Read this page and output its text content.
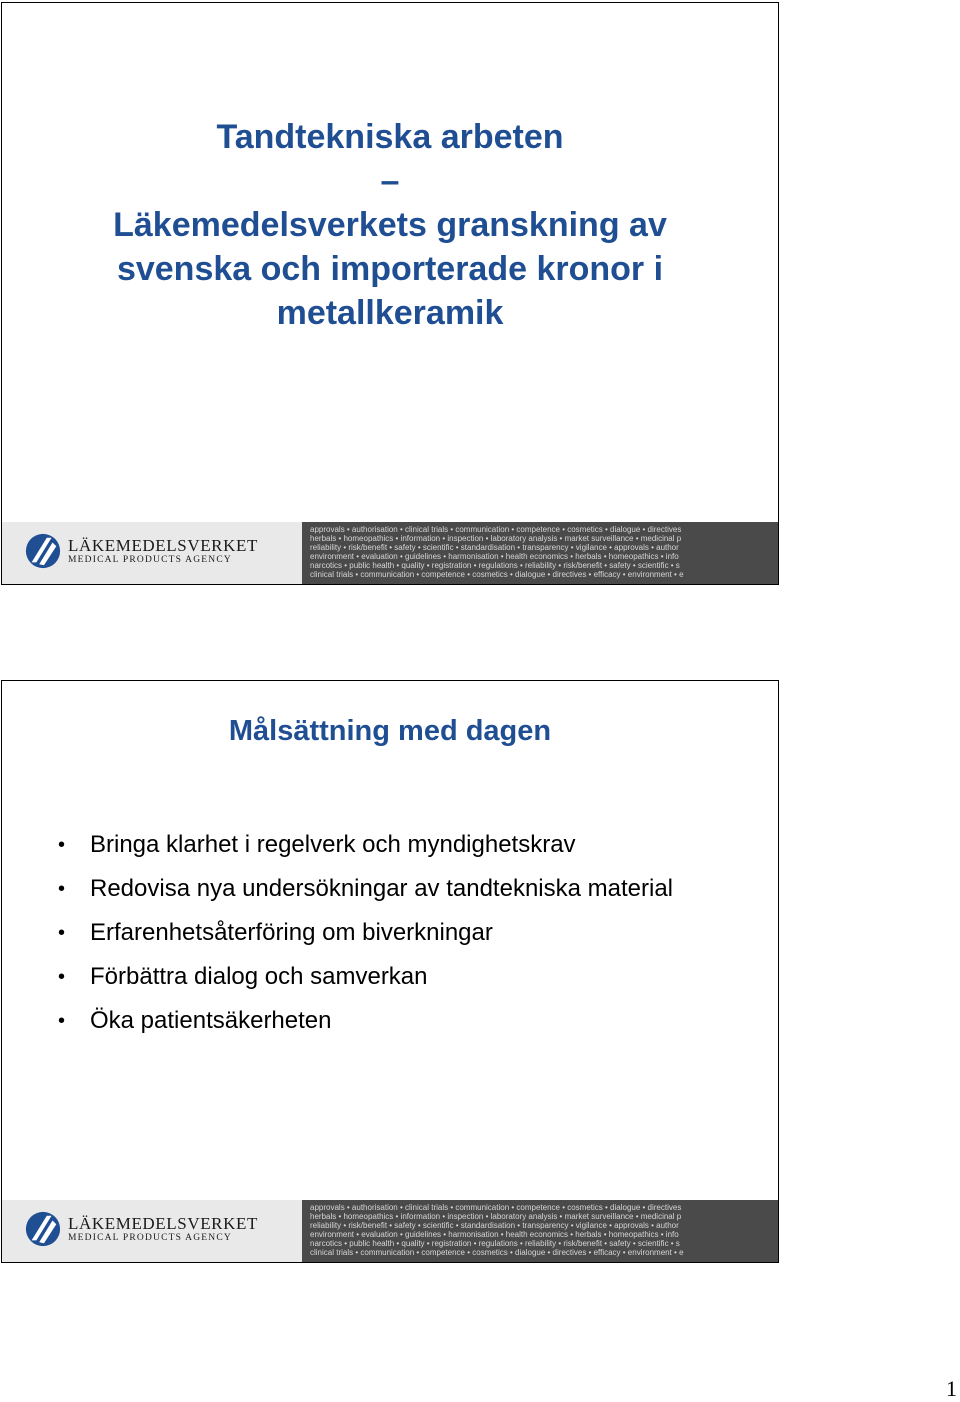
Tandtekniska arbeten
–
Läkemedelsverkets granskning av
svenska och importerade kronor i
metallkeramik
LÄKEMEDELSVERKET
MEDICAL PRODUCTS AGENCY
approvals • authorisation • clinical trials • communication • competence • cosmetics • dialogue • directives
herbals • homeopathics • information • inspection • laboratory analysis • market surveillance • medicinal p
reliability • risk/benefit • safety • scientific • standardisation • transparency • vigilance • approvals • author
environment • evaluation • guidelines • harmonisation • health economics • herbals • homeopathics • info
narcotics • public health • quality • registration • regulations • reliability • risk/benefit • safety • scientific • s
clinical trials • communication • competence • cosmetics • dialogue • directives • efficacy • environment • e
Målsättning med dagen
• Bringa klarhet i regelverk och myndighetskrav
• Redovisa nya undersökningar av tandtekniska material
• Erfarenhetsåterföring om biverkningar
• Förbättra dialog och samverkan
• Öka patientsäkerheten
LÄKEMEDELSVERKET
MEDICAL PRODUCTS AGENCY
approvals • authorisation • clinical trials • communication • competence • cosmetics • dialogue • directives
herbals • homeopathics • information • inspection • laboratory analysis • market surveillance • medicinal p
reliability • risk/benefit • safety • scientific • standardisation • transparency • vigilance • approvals • author
environment • evaluation • guidelines • harmonisation • health economics • herbals • homeopathics • info
narcotics • public health • quality • registration • regulations • reliability • risk/benefit • safety • scientific • s
clinical trials • communication • competence • cosmetics • dialogue • directives • efficacy • environment • e
1
